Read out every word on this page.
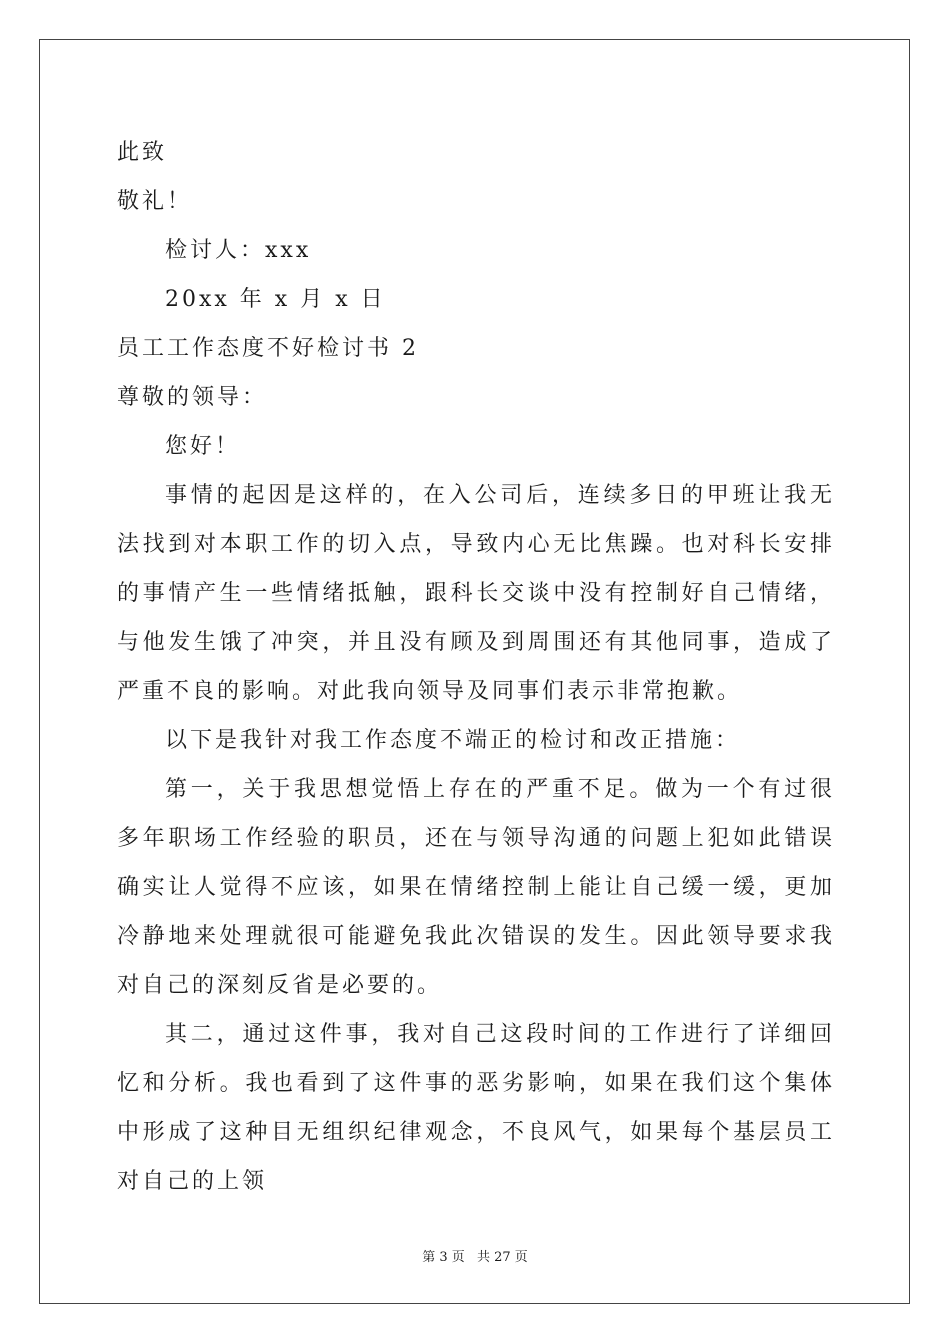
此致
敬礼！
检讨人：xxx
20xx 年 x 月 x 日
员工工作态度不好检讨书 2
尊敬的领导：
您好！

事情的起因是这样的，在入公司后，连续多日的甲班让我无法找到对本职工作的切入点，导致内心无比焦躁。也对科长安排的事情产生一些情绪抵触，跟科长交谈中没有控制好自己情绪，与他发生饿了冲突，并且没有顾及到周围还有其他同事，造成了严重不良的影响。对此我向领导及同事们表示非常抱歉。

以下是我针对我工作态度不端正的检讨和改正措施：

第一，关于我思想觉悟上存在的严重不足。做为一个有过很多年职场工作经验的职员，还在与领导沟通的问题上犯如此错误确实让人觉得不应该，如果在情绪控制上能让自己缓一缓，更加冷静地来处理就很可能避免我此次错误的发生。因此领导要求我对自己的深刻反省是必要的。

其二，通过这件事，我对自己这段时间的工作进行了详细回忆和分析。我也看到了这件事的恶劣影响，如果在我们这个集体中形成了这种目无组织纪律观念，不良风气，如果每个基层员工对自己的上领

第 3 页 共 27 页
